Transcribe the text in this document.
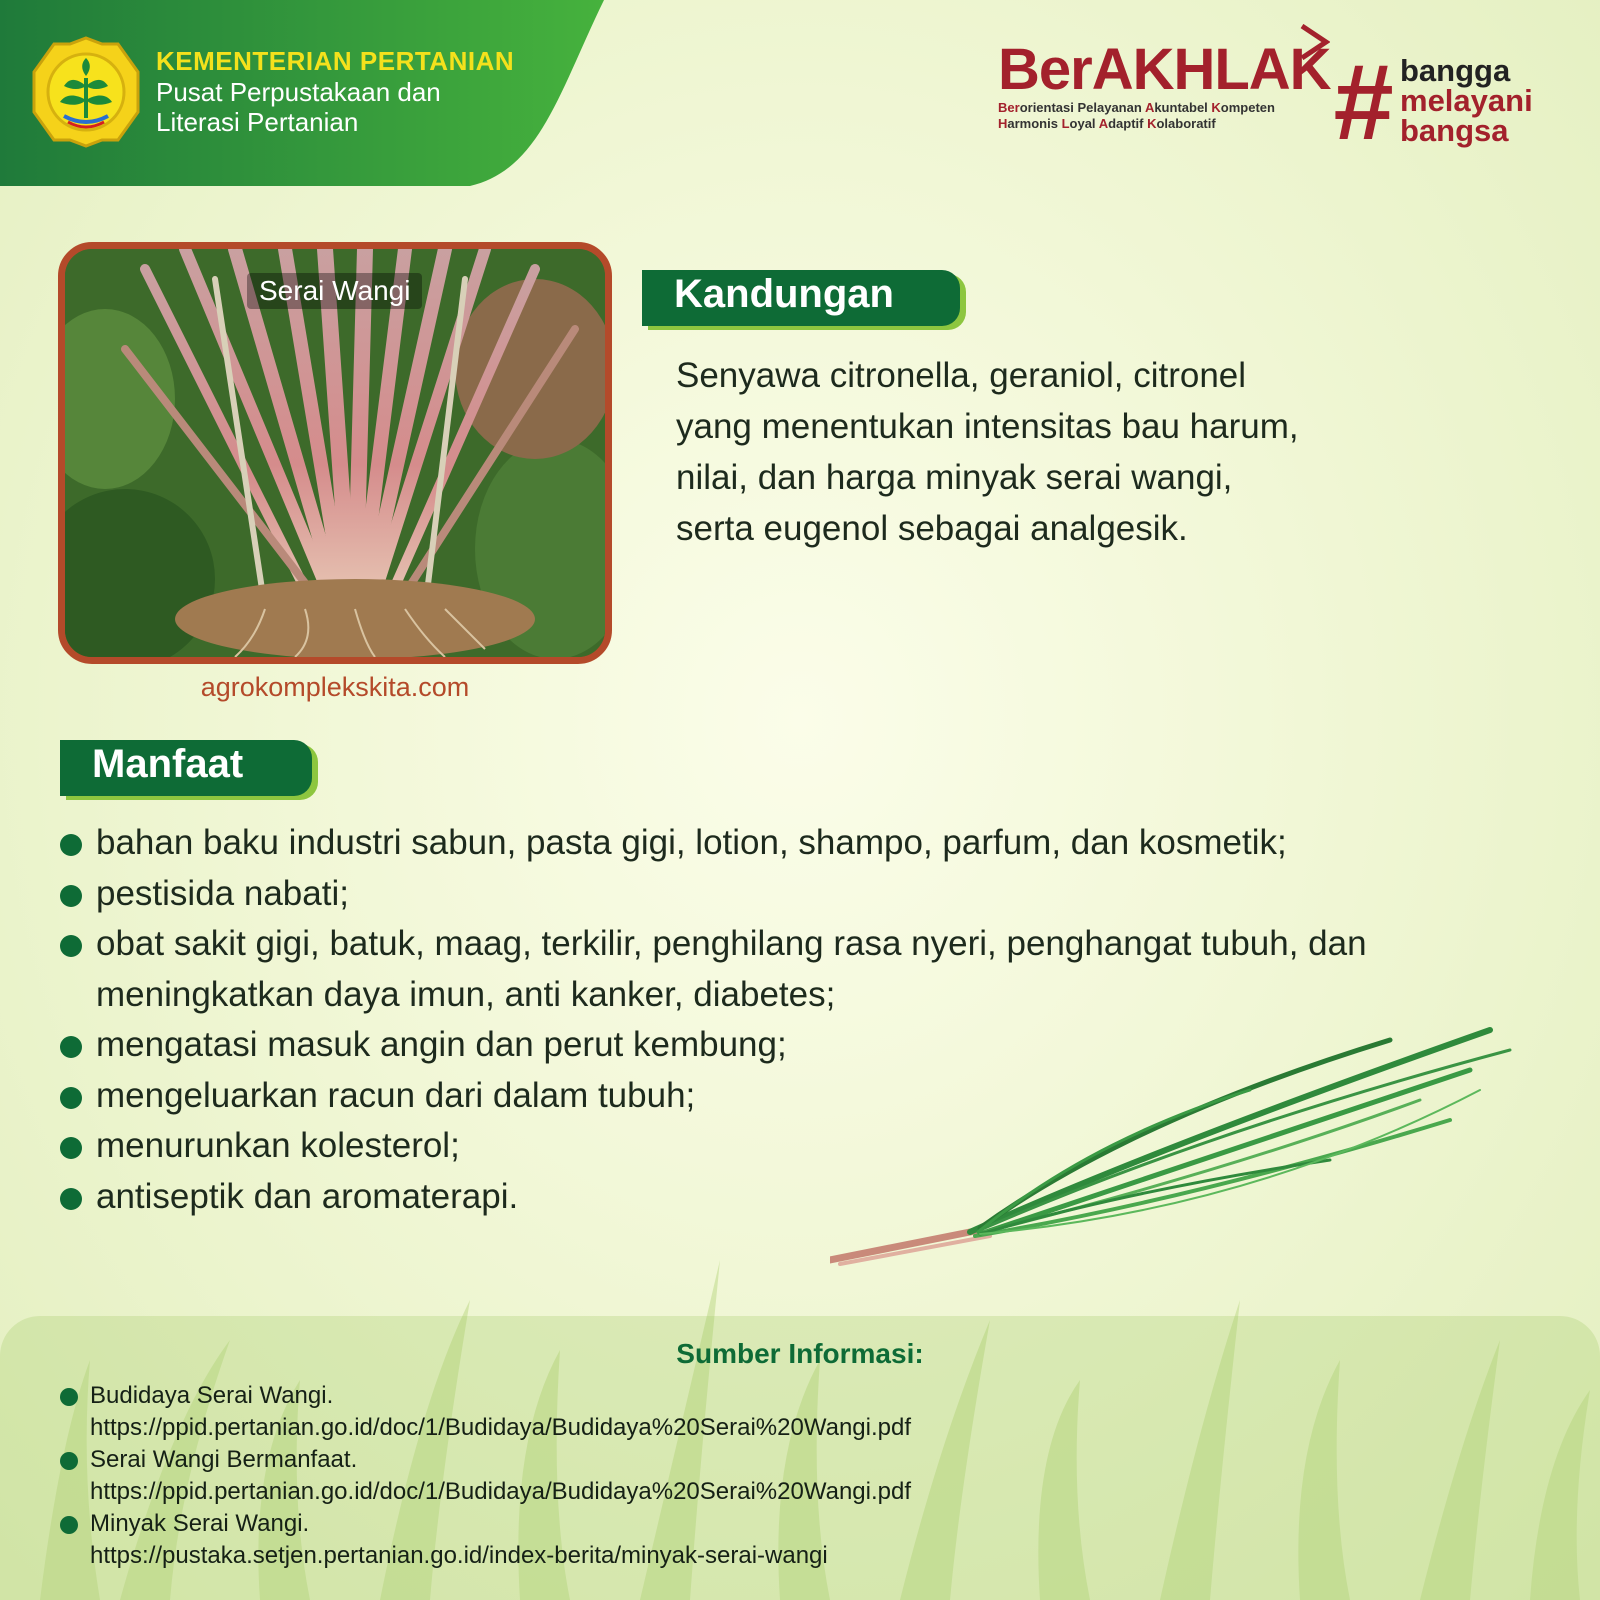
KEMENTERIAN PERTANIAN
Pusat Perpustakaan dan
Literasi Pertanian
BerAKHLAK
Berorientasi Pelayanan Akuntabel Kompeten
Harmonis Loyal Adaptif Kolaboratif	# bangga
melayani
bangsa
Serai Wangi
agrokomplekskita.com
Kandungan
Senyawa citronella, geraniol, citronel
yang menentukan intensitas bau harum,
nilai, dan harga minyak serai wangi,
serta eugenol sebagai analgesik.
Manfaat
bahan baku industri sabun, pasta gigi, lotion, shampo, parfum, dan kosmetik;
pestisida nabati;
obat sakit gigi, batuk, maag, terkilir, penghilang rasa nyeri, penghangat tubuh, dan meningkatkan daya imun, anti kanker, diabetes;
mengatasi masuk angin dan perut kembung;
mengeluarkan racun dari dalam tubuh;
menurunkan kolesterol;
antiseptik dan aromaterapi.
Sumber Informasi:
Budidaya Serai Wangi.
https://ppid.pertanian.go.id/doc/1/Budidaya/Budidaya%20Serai%20Wangi.pdf
Serai Wangi Bermanfaat.
https://ppid.pertanian.go.id/doc/1/Budidaya/Budidaya%20Serai%20Wangi.pdf
Minyak Serai Wangi.
https://pustaka.setjen.pertanian.go.id/index-berita/minyak-serai-wangi
